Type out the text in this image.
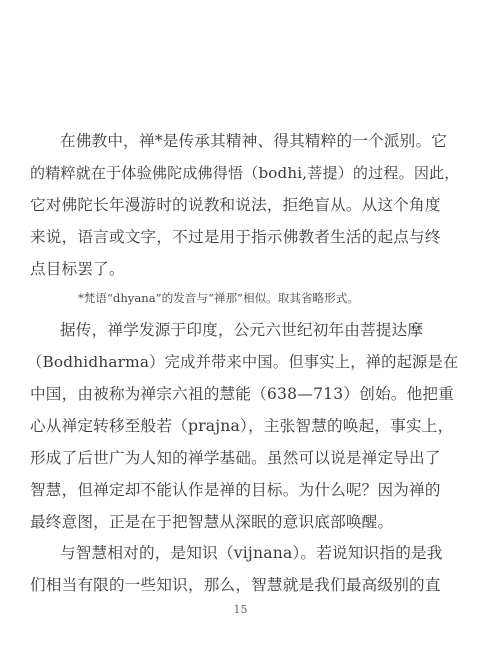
在佛教中，禅*是传承其精神、得其精粹的一个派别。它
的精粹就在于体验佛陀成佛得悟（bodhi,菩提）的过程。因此，
它对佛陀长年漫游时的说教和说法，拒绝盲从。从这个角度
来说，语言或文字，不过是用于指示佛教者生活的起点与终
点目标罢了。
*梵语“dhyana”的发音与“禅那”相似。取其省略形式。
据传，禅学发源于印度，公元六世纪初年由菩提达摩
（Bodhidharma）完成并带来中国。但事实上，禅的起源是在
中国，由被称为禅宗六祖的慧能（638—713）创始。他把重
心从禅定转移至般若（prajna），主张智慧的唤起，事实上，
形成了后世广为人知的禅学基础。虽然可以说是禅定导出了
智慧，但禅定却不能认作是禅的目标。为什么呢？因为禅的
最终意图，正是在于把智慧从深眠的意识底部唤醒。
与智慧相对的，是知识（vijnana）。若说知识指的是我
们相当有限的一些知识，那么，智慧就是我们最高级别的直
15
